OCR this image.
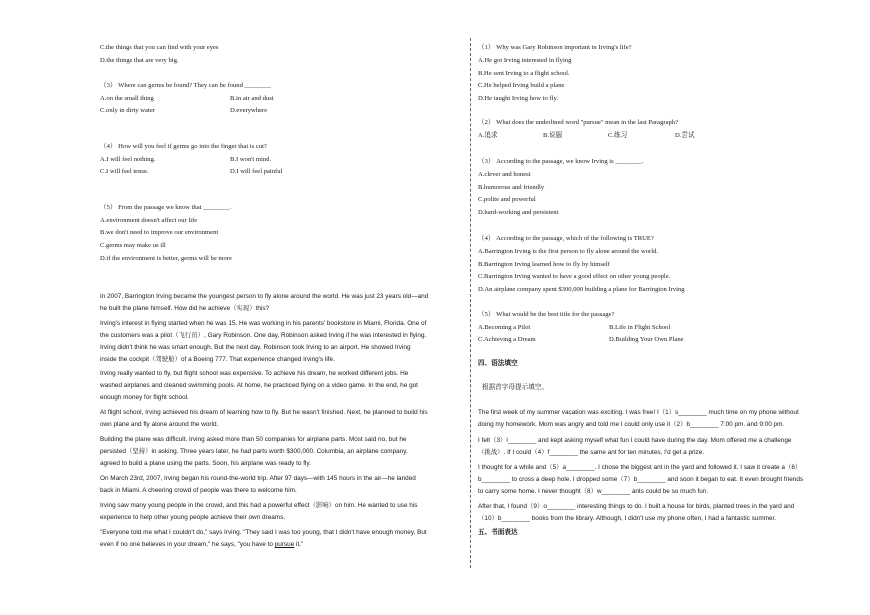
C.the things that you can find with your eyes
D.the things that are very big.
（3） Where can germs be found? They can be found ________
A.on the small thing	B.in air and dust
C.only in dirty water	D.everywhere
（4） How will you feel if germs go into the finger that is cut?
A.I will feel nothing.	B.I won't mind.
C.I will feel tense.	D.I will feel painful
（5） From the passage we know that ________.
A.environment doesn't affect our life
B.we don't need to improve our environment
C.germs may make us ill
D.if the environment is better, germs will be more
In 2007, Barrington Irving became the youngest person to fly alone around the world. He was just 23 years old—and
he built the plane himself. How did he achieve（实现）this?
Irving's interest in flying started when he was 15. He was working in his parents' bookstore in Miami, Florida. One of
the customers was a pilot（飞行员）, Gary Robinson. One day, Robinson asked Irving if he was interested in flying.
Irving didn't think he was smart enough. But the next day, Robinson took Irving to an airport. He showed Irving
inside the cockpit（驾驶舱）of a Boeing 777. That experience changed Irving's life.
Irving really wanted to fly, but flight school was expensive. To achieve his dream, he worked different jobs. He
washed airplanes and cleaned swimming pools. At home, he practiced flying on a video game. In the end, he got
enough money for flight school.
At flight school, Irving achieved his dream of learning how to fly. But he wasn't finished. Next, he planned to build his
own plane and fly alone around the world.
Building the plane was difficult. Irving asked more than 50 companies for airplane parts. Most said no, but he
persisted（坚持）in asking. Three years later, he had parts worth $300,000. Columbia, an airplane company,
agreed to build a plane using the parts. Soon, his airplane was ready to fly.
On March 23rd, 2007, Irving began his round-the-world trip. After 97 days—with 145 hours in the air—he landed
back in Miami. A cheering crowd of people was there to welcome him.
Irving saw many young people in the crowd, and this had a powerful effect（影响）on him. He wanted to use his
experience to help other young people achieve their own dreams.
"Everyone told me what I couldn't do," says Irving. "They said I was too young, that I didn't have enough money. But
even if no one believes in your dream," he says, "you have to pursue it."
（1） Why was Gary Robinson important in Irving's life?
A.He got Irving interested in flying
B.He sent Irving to a flight school.
C.He helped Irving build a plane
D.He taught Irving how to fly.
（2） What does the underlined word "pursue" mean in the last Paragraph?
A.追求	B.说服	C.练习	D.尝试
（3） According to the passage, we know Irving is ________.
A.clever and honest
B.humorous and friendly
C.polite and powerful
D.hard-working and persistent
（4） According to the passage, which of the following is TRUE?
A.Barrington Irving is the first person to fly alone around the world.
B.Barrington Irving learned how to fly by himself
C.Barrington Irving wanted to have a good effect on other young people.
D.An airplane company spent $300,000 building a plane for Barrington Irving
（5） What would be the best title for the passage?
A.Becoming a Pilot	B.Life in Flight School
C.Achieving a Dream	D.Building Your Own Plane
四、语法填空
根据首字母提示填空。
The first week of my summer vacation was exciting. I was free! I（1）s________ much time on my phone without
doing my homework. Mom was angry and told me I could only use it（2）b________ 7:00 pm. and 9:00 pm.
I felt（3）l________ and kept asking myself what fun I could have during the day. Mom offered me a challenge
（挑战）. If I could（4）f________ the same ant for ten minutes, I'd get a prize.
I thought for a while and（5）a________. I chose the biggest ant in the yard and followed it. I saw it create a（6）
b________ to cross a deep hole. I dropped some（7）b________ and soon it began to eat. It even brought friends
to carry some home. I never thought（8）w________ ants could be so much fun.
After that, I found（9）o________ interesting things to do. I built a house for birds, planted trees in the yard and
（10）b________ books from the library. Although, I didn't use my phone often, I had a fantastic summer.
五、书面表达
